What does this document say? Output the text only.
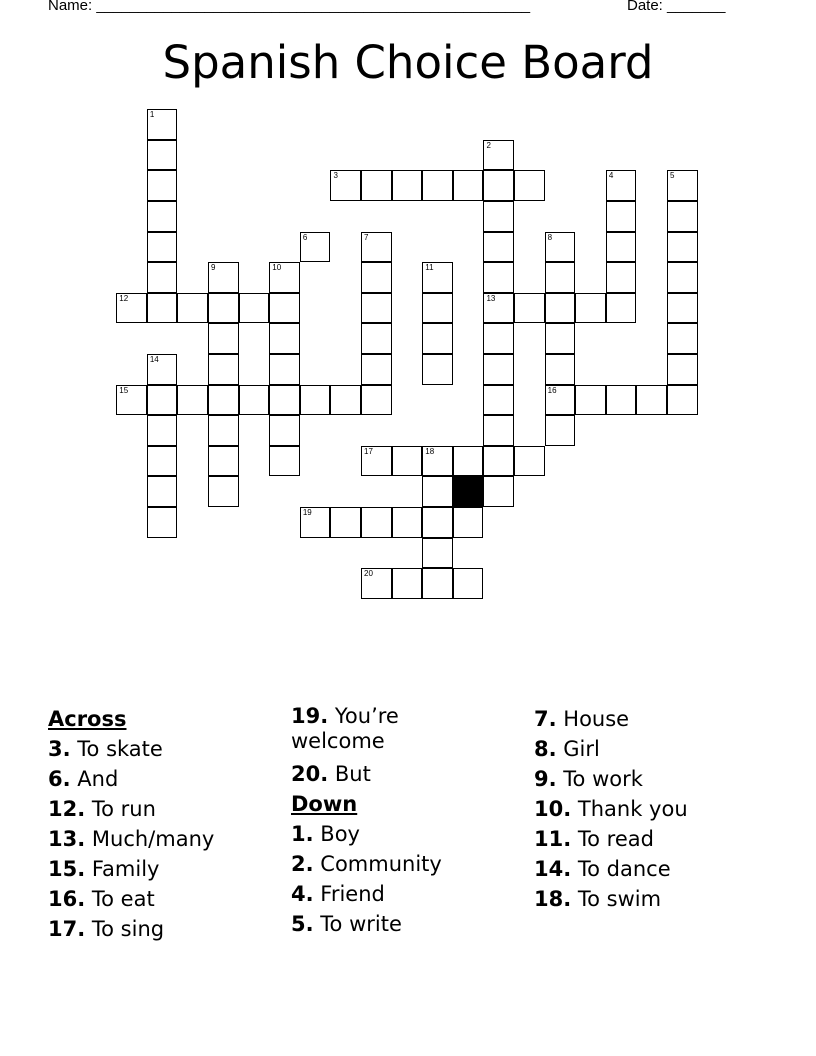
Name: ____________________________________________________	Date: _______
Spanish Choice Board
1
2
3	4	5
6	7	8
9	10	11
12	13
14
15	16
17	18
19
20
Across
3. To skate
6. And
12. To run
13. Much/many
15. Family
16. To eat
17. To sing
19. You’re welcome
20. But
Down
1. Boy
2. Community
4. Friend
5. To write
7. House
8. Girl
9. To work
10. Thank you
11. To read
14. To dance
18. To swim
